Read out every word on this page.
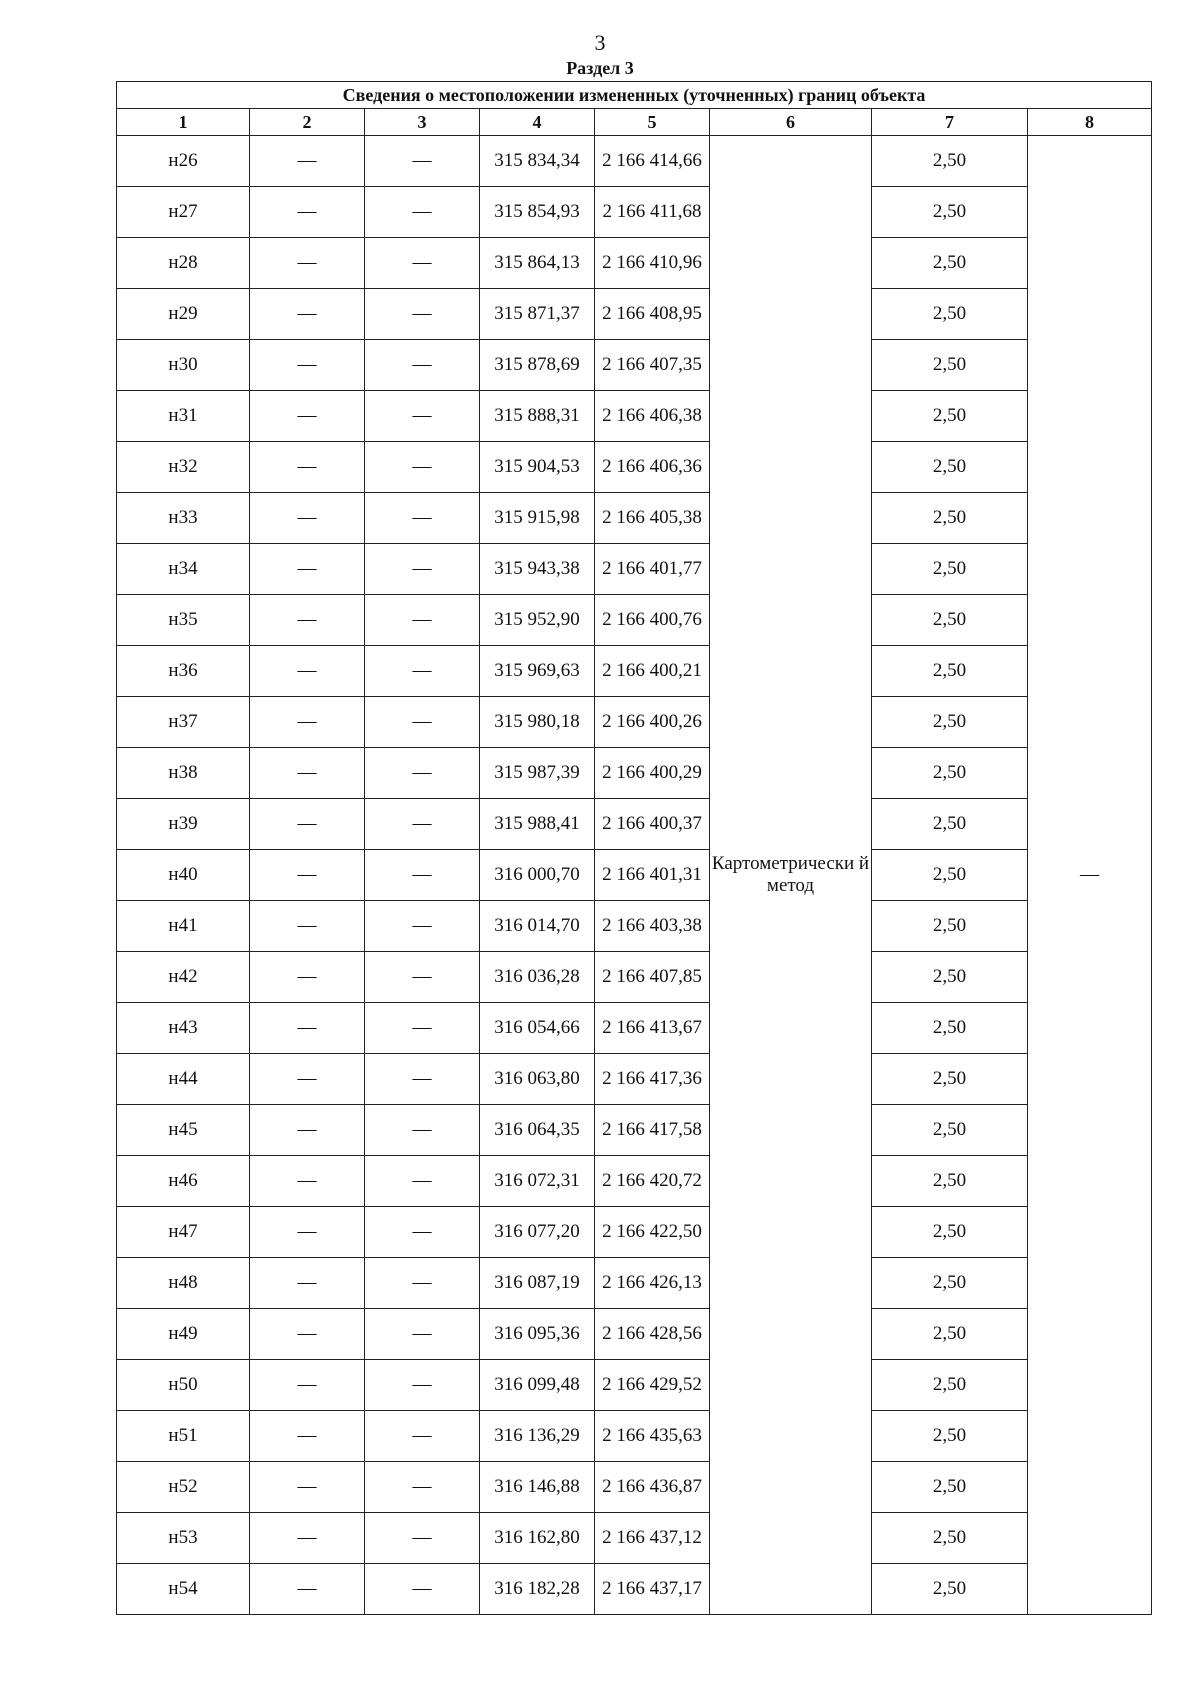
3
Раздел 3
Сведения о местоположении измененных (уточненных) границ объекта							
1	2	3	4	5	6	7	8
н26	—	—	315 834,34	2 166 414,66	Картометрически й метод	2,50	—
н27	—	—	315 854,93	2 166 411,68		2,50	
н28	—	—	315 864,13	2 166 410,96		2,50	
н29	—	—	315 871,37	2 166 408,95		2,50	
н30	—	—	315 878,69	2 166 407,35		2,50	
н31	—	—	315 888,31	2 166 406,38		2,50	
н32	—	—	315 904,53	2 166 406,36		2,50	
н33	—	—	315 915,98	2 166 405,38		2,50	
н34	—	—	315 943,38	2 166 401,77		2,50	
н35	—	—	315 952,90	2 166 400,76		2,50	
н36	—	—	315 969,63	2 166 400,21		2,50	
н37	—	—	315 980,18	2 166 400,26		2,50	
н38	—	—	315 987,39	2 166 400,29		2,50	
н39	—	—	315 988,41	2 166 400,37		2,50	
н40	—	—	316 000,70	2 166 401,31		2,50	
н41	—	—	316 014,70	2 166 403,38		2,50	
н42	—	—	316 036,28	2 166 407,85		2,50	
н43	—	—	316 054,66	2 166 413,67		2,50	
н44	—	—	316 063,80	2 166 417,36		2,50	
н45	—	—	316 064,35	2 166 417,58		2,50	
н46	—	—	316 072,31	2 166 420,72		2,50	
н47	—	—	316 077,20	2 166 422,50		2,50	
н48	—	—	316 087,19	2 166 426,13		2,50	
н49	—	—	316 095,36	2 166 428,56		2,50	
н50	—	—	316 099,48	2 166 429,52		2,50	
н51	—	—	316 136,29	2 166 435,63		2,50	
н52	—	—	316 146,88	2 166 436,87		2,50	
н53	—	—	316 162,80	2 166 437,12		2,50	
н54	—	—	316 182,28	2 166 437,17		2,50	
